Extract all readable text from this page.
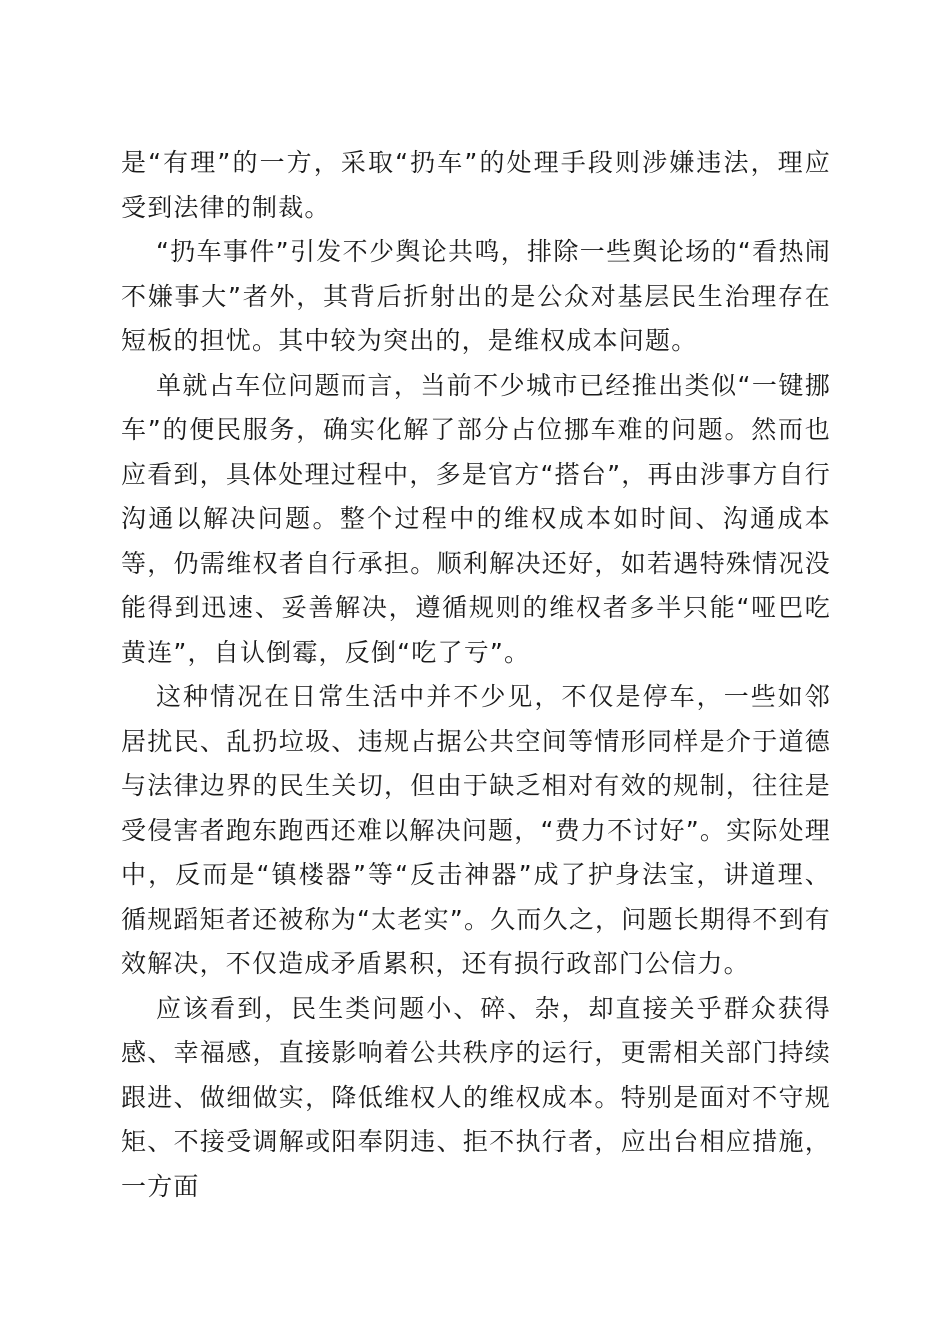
是“有理”的一方，采取“扔车”的处理手段则涉嫌违法，理应受到法律的制裁。

“扔车事件”引发不少舆论共鸣，排除一些舆论场的“看热闹不嫌事大”者外，其背后折射出的是公众对基层民生治理存在短板的担忧。其中较为突出的，是维权成本问题。

单就占车位问题而言，当前不少城市已经推出类似“一键挪车”的便民服务，确实化解了部分占位挪车难的问题。然而也应看到，具体处理过程中，多是官方“搭台”，再由涉事方自行沟通以解决问题。整个过程中的维权成本如时间、沟通成本等，仍需维权者自行承担。顺利解决还好，如若遇特殊情况没能得到迅速、妥善解决，遵循规则的维权者多半只能“哑巴吃黄连”，自认倒霉，反倒“吃了亏”。

这种情况在日常生活中并不少见，不仅是停车，一些如邻居扰民、乱扔垃圾、违规占据公共空间等情形同样是介于道德与法律边界的民生关切，但由于缺乏相对有效的规制，往往是受侵害者跑东跑西还难以解决问题，“费力不讨好”。实际处理中，反而是“镇楼器”等“反击神器”成了护身法宝，讲道理、循规蹈矩者还被称为“太老实”。久而久之，问题长期得不到有效解决，不仅造成矛盾累积，还有损行政部门公信力。

应该看到，民生类问题小、碎、杂，却直接关乎群众获得感、幸福感，直接影响着公共秩序的运行，更需相关部门持续跟进、做细做实，降低维权人的维权成本。特别是面对不守规矩、不接受调解或阳奉阴违、拒不执行者，应出台相应措施，一方面
